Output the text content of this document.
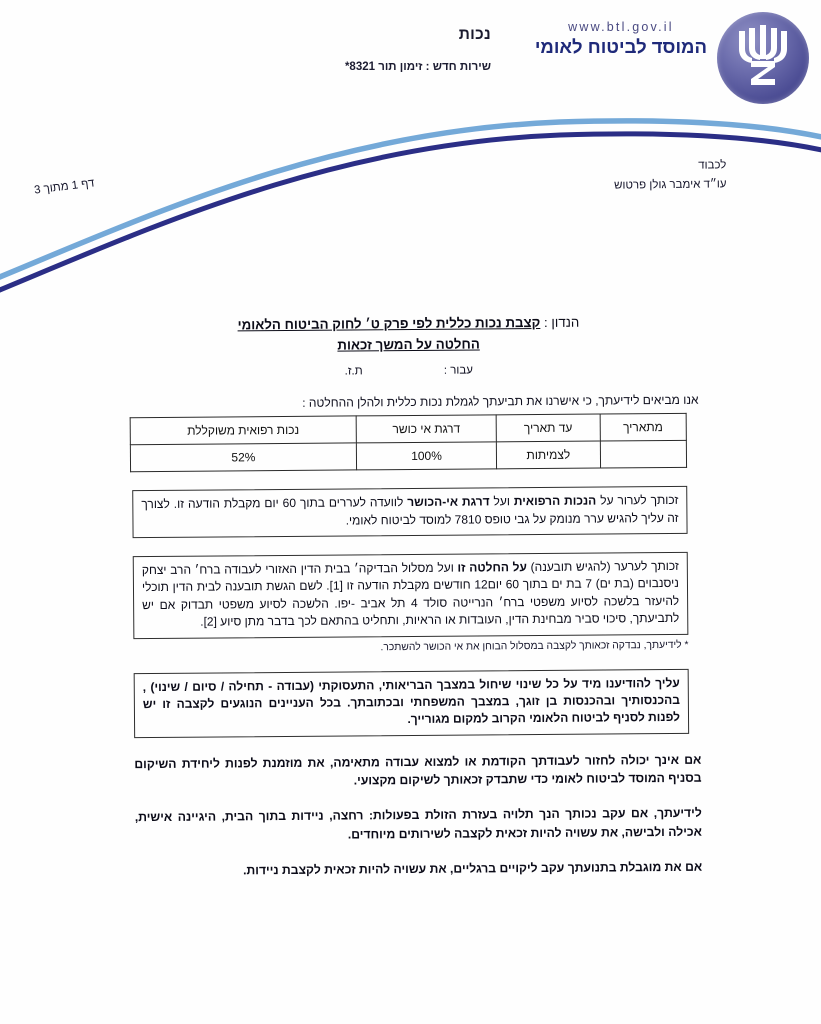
נכות
שירות חדש : זימון תור 8321*
www.btl.gov.il
המוסד לביטוח לאומי
לכבוד
עו״ד אימבר גולן פרטוש
דף 1 מתוך 3
הנדון : קצבת נכות כללית לפי פרק ט׳ לחוק הביטוח הלאומי
החלטה על המשך זכאות
עבור : ת.ז.
אנו מביאים לידיעתך, כי אישרנו את תביעתך לגמלת נכות כללית ולהלן ההחלטה :
מתאריך	עד תאריך	דרגת אי כושר	נכות רפואית משוקללת
	לצמיתות	100%	52%
זכותך לערור על הנכות הרפואית ועל דרגת אי-הכושר לוועדה לעררים בתוך 60 יום מקבלת הודעה זו. לצורך זה עליך להגיש ערר מנומק על גבי טופס 7810 למוסד לביטוח לאומי.
זכותך לערער (להגיש תובענה) על החלטה זו ועל מסלול הבדיקה׳ בבית הדין האזורי לעבודה ברח׳ הרב יצחק ניסנבוים (בת ים) 7 בת ים בתוך 60 יום12 חודשים מקבלת הודעה זו [1]. לשם הגשת תובענה לבית הדין תוכלי להיעזר בלשכה לסיוע משפטי ברח׳ הנרייטה סולד 4 תל אביב -יפו. הלשכה לסיוע משפטי תבדוק אם יש לתביעתך, סיכוי סביר מבחינת הדין, העובדות או הראיות, ותחליט בהתאם לכך בדבר מתן סיוע [2].
* לידיעתך, נבדקה זכאותך לקצבה במסלול הבוחן את אי הכושר להשתכר.
עליך להודיענו מיד על כל שינוי שיחול במצבך הבריאותי, התעסוקתי (עבודה - תחילה / סיום / שינוי) , בהכנסותיך ובהכנסות בן זוגך, במצבך המשפחתי ובכתובתך. בכל העניינים הנוגעים לקצבה זו יש לפנות לסניף לביטוח הלאומי הקרוב למקום מגורייך.
אם אינך יכולה לחזור לעבודתך הקודמת או למצוא עבודה מתאימה, את מוזמנת לפנות ליחידת השיקום בסניף המוסד לביטוח לאומי כדי שתבדק זכאותך לשיקום מקצועי.
לידיעתך, אם עקב נכותך הנך תלויה בעזרת הזולת בפעולות: רחצה, ניידות בתוך הבית, היגיינה אישית, אכילה ולבישה, את עשויה להיות זכאית לקצבה לשירותים מיוחדים.
אם את מוגבלת בתנועתך עקב ליקויים ברגליים, את עשויה להיות זכאית לקצבת ניידות.
